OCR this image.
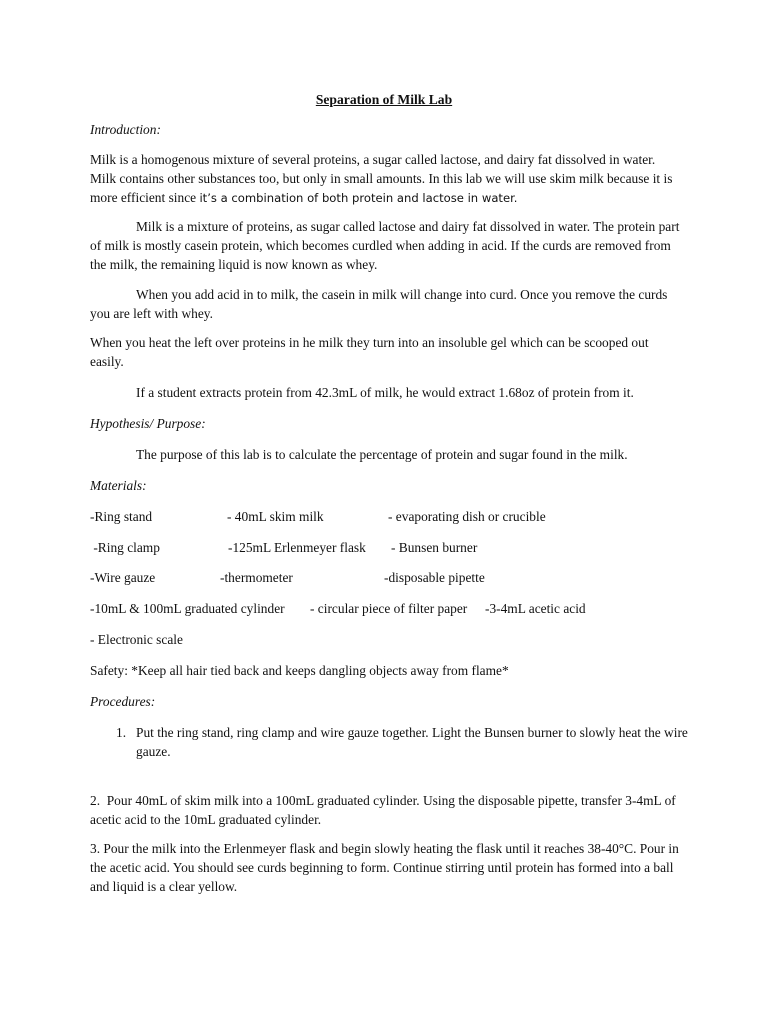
Separation of Milk Lab
Introduction:

Milk is a homogenous mixture of several proteins, a sugar called lactose, and dairy fat dissolved in water. Milk contains other substances too, but only in small amounts. In this lab we will use skim milk because it is more efficient since it’s a combination of both protein and lactose in water.

Milk is a mixture of proteins, as sugar called lactose and dairy fat dissolved in water. The protein part of milk is mostly casein protein, which becomes curdled when adding in acid. If the curds are removed from the milk, the remaining liquid is now known as whey.

When you add acid in to milk, the casein in milk will change into curd. Once you remove the curds you are left with whey.

When you heat the left over proteins in he milk they turn into an insoluble gel which can be scooped out easily.

If a student extracts protein from 42.3mL of milk, he would extract 1.68oz of protein from it.

Hypothesis/ Purpose:

The purpose of this lab is to calculate the percentage of protein and sugar found in the milk.

Materials:
-Ring stand	- 40mL skim milk	- evaporating dish or crucible
-Ring clamp	-125mL Erlenmeyer flask - Bunsen burner
-Wire gauze	-thermometer	-disposable pipette
-10mL & 100mL graduated cylinder - circular piece of filter paper -3-4mL acetic acid
- Electronic scale

Safety: *Keep all hair tied back and keeps dangling objects away from flame*

Procedures:
1. Put the ring stand, ring clamp and wire gauze together. Light the Bunsen burner to slowly heat the wire gauze.

2.  Pour 40mL of skim milk into a 100mL graduated cylinder. Using the disposable pipette, transfer 3-4mL of acetic acid to the 10mL graduated cylinder.

3. Pour the milk into the Erlenmeyer flask and begin slowly heating the flask until it reaches 38-40°C. Pour in the acetic acid. You should see curds beginning to form. Continue stirring until protein has formed into a ball and liquid is a clear yellow.
